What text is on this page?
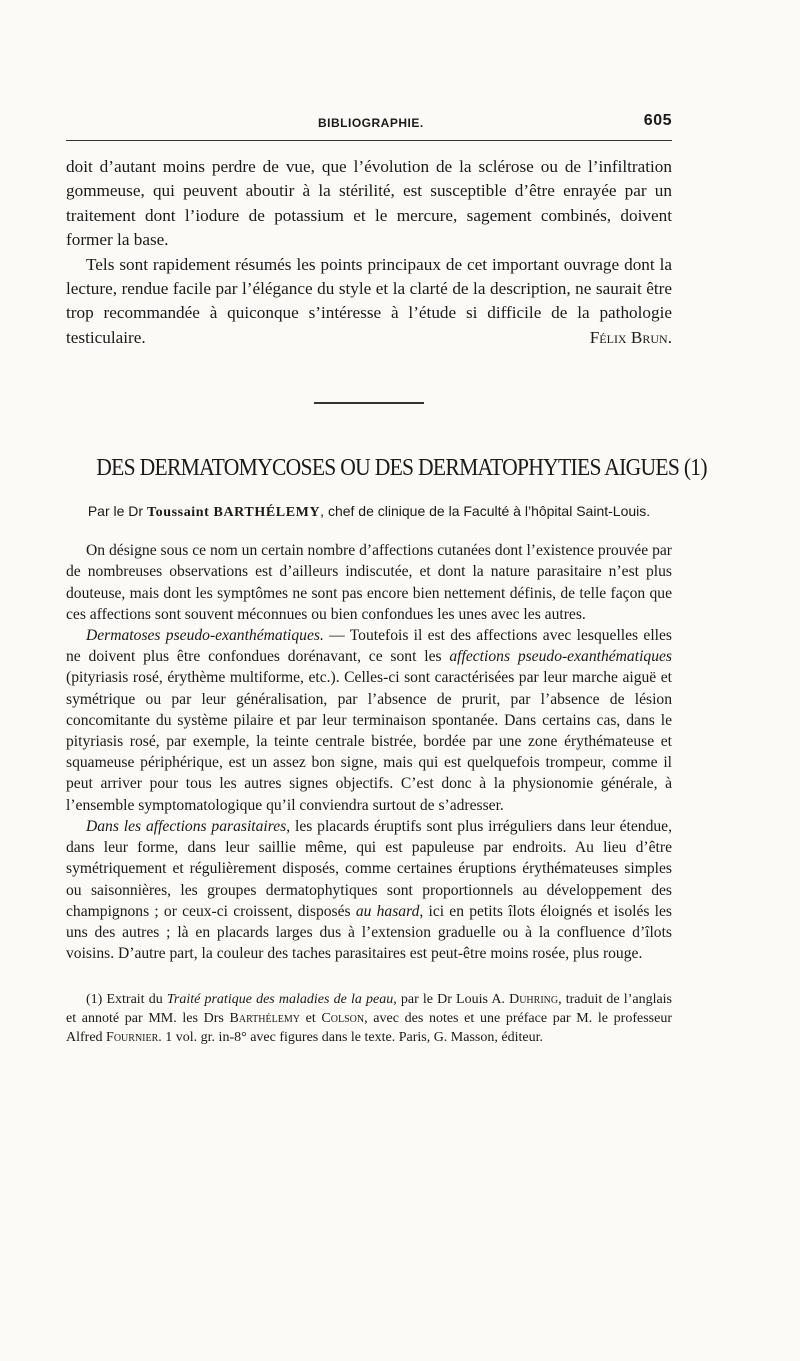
BIBLIOGRAPHIE.	605

doit d’autant moins perdre de vue, que l’évolution de la sclérose ou de l’infiltration gommeuse, qui peuvent aboutir à la stérilité, est susceptible d’être enrayée par un traitement dont l’iodure de potassium et le mercure, sagement combinés, doivent former la base.

Tels sont rapidement résumés les points principaux de cet important ouvrage dont la lecture, rendue facile par l’élégance du style et la clarté de la description, ne saurait être trop recommandée à quiconque s’intéresse à l’étude si difficile de la pathologie testiculaire.	Félix Brun.

DES DERMATOMYCOSES OU DES DERMATOPHYTIES AIGUES (1)
Par le Dr Toussaint BARTHÉLEMY, chef de clinique de la Faculté à l’hôpital Saint-Louis.

On désigne sous ce nom un certain nombre d’affections cutanées dont l’existence prouvée par de nombreuses observations est d’ailleurs indiscutée, et dont la nature parasitaire n’est plus douteuse, mais dont les symptômes ne sont pas encore bien nettement définis, de telle façon que ces affections sont souvent méconnues ou bien confondues les unes avec les autres.

Dermatoses pseudo-exanthématiques. — Toutefois il est des affections avec lesquelles elles ne doivent plus être confondues dorénavant, ce sont les affections pseudo-exanthématiques (pityriasis rosé, érythème multiforme, etc.). Celles-ci sont caractérisées par leur marche aiguë et symétrique ou par leur généralisation, par l’absence de prurit, par l’absence de lésion concomitante du système pilaire et par leur terminaison spontanée. Dans certains cas, dans le pityriasis rosé, par exemple, la teinte centrale bistrée, bordée par une zone érythémateuse et squameuse périphérique, est un assez bon signe, mais qui est quelquefois trompeur, comme il peut arriver pour tous les autres signes objectifs. C’est donc à la physionomie générale, à l’ensemble symptomatologique qu’il conviendra surtout de s’adresser.

Dans les affections parasitaires, les placards éruptifs sont plus irréguliers dans leur étendue, dans leur forme, dans leur saillie même, qui est papuleuse par endroits. Au lieu d’être symétriquement et régulièrement disposés, comme certaines éruptions érythémateuses simples ou saisonnières, les groupes dermatophytiques sont proportionnels au développement des champignons ; or ceux-ci croissent, disposés au hasard, ici en petits îlots éloignés et isolés les uns des autres ; là en placards larges dus à l’extension graduelle ou à la confluence d’îlots voisins. D’autre part, la couleur des taches parasitaires est peut-être moins rosée, plus rouge.

(1) Extrait du Traité pratique des maladies de la peau, par le Dr Louis A. Duhring, traduit de l’anglais et annoté par MM. les Drs Barthélemy et Colson, avec des notes et une préface par M. le professeur Alfred Fournier. 1 vol. gr. in-8° avec figures dans le texte. Paris, G. Masson, éditeur.
